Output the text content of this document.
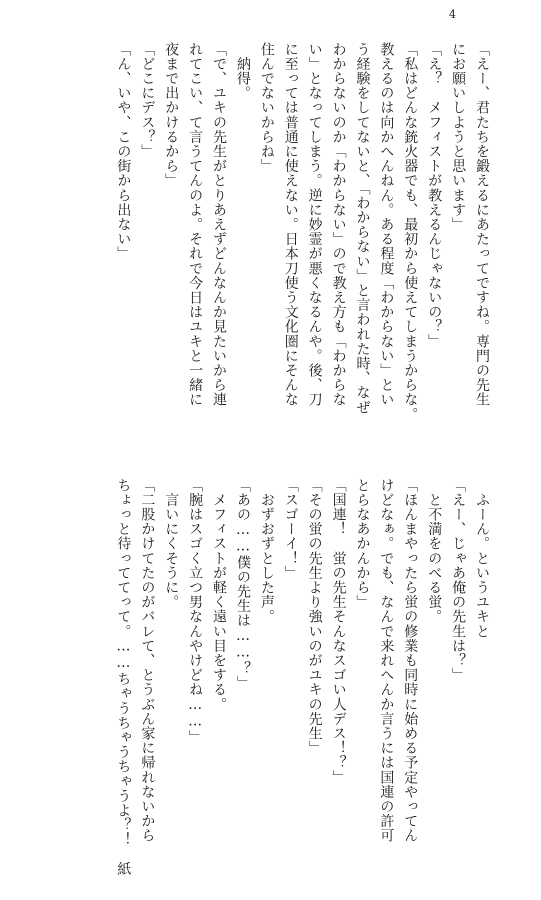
4
「えー、君たちを鍛えるにあたってですね。専門の先生
にお願いしようと思います」
「え？　メフィストが教えるんじゃないの？」
「私はどんな銃火器でも、最初から使えてしまうからな。
教えるのは向かへんねん。ある程度「わからない」とい
う経験をしてないと、「わからない」と言われた時、なぜ
わからないのか「わからない」ので教え方も「わからな
い」となってしまう。逆に妙霊が悪くなるんや。後、刀
に至っては普通に使えない。日本刀使う文化圏にそんな
住んでないからね」
　納得。
「で、ユキの先生がとりあえずどんなんか見たいから連
れてこい、て言うてんのよ。それで今日はユキと一緒に
夜まで出かけるから」
「どこにデス？」
「ん、いや、この街から出ない」
　ふーん。というユキと
「えー、じゃあ俺の先生は？」
　と不満をのべる蛍。
「ほんまやったら蛍の修業も同時に始める予定やってん
けどなぁ。でも、なんで来れへんか言うには国連の許可
とらなあかんから」
「国連！　蛍の先生そんなスゴい人デス！？」
「その蛍の先生より強いのがユキの先生」
「スゴーイ！」
　おずおずとした声。
「あの……僕の先生は……？」
　メフィストが軽く遠い目をする。
「腕はスゴく立つ男なんやけどね……」
　言いにくそうに。
「二股かけてたのがバレて、とうぶん家に帰れないから
ちょっと待っててって。……ちゃうちゃうちゃうよ？！　紙
